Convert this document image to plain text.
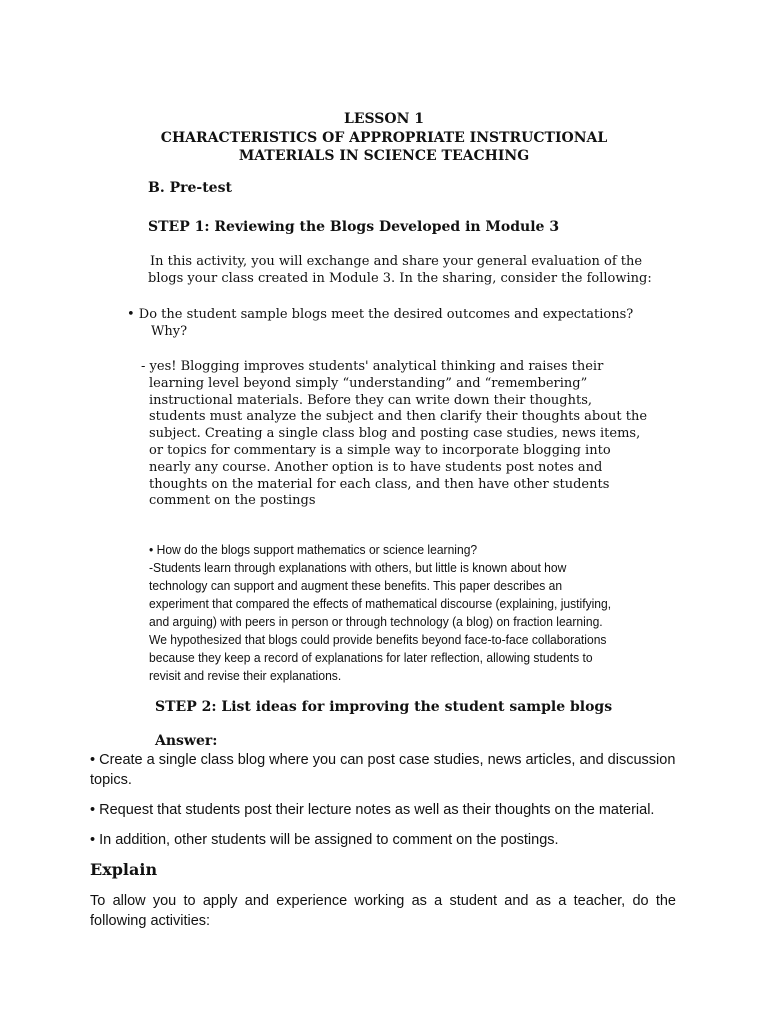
LESSON 1

CHARACTERISTICS OF APPROPRIATE INSTRUCTIONAL

MATERIALS IN SCIENCE TEACHING

B. Pre-test

STEP 1: Reviewing the Blogs Developed in Module 3

In this activity, you will exchange and share your general evaluation of the

blogs your class created in Module 3. In the sharing, consider the following:

• Do the student sample blogs meet the desired outcomes and expectations?

Why?

- yes! Blogging improves students' analytical thinking and raises their

learning level beyond simply “understanding” and “remembering”

instructional materials. Before they can write down their thoughts,

students must analyze the subject and then clarify their thoughts about the

subject. Creating a single class blog and posting case studies, news items,

or topics for commentary is a simple way to incorporate blogging into

nearly any course. Another option is to have students post notes and

thoughts on the material for each class, and then have other students

comment on the postings

• How do the blogs support mathematics or science learning?

-Students learn through explanations with others, but little is known about how

technology can support and augment these benefits. This paper describes an

experiment that compared the effects of mathematical discourse (explaining, justifying,

and arguing) with peers in person or through technology (a blog) on fraction learning.

We hypothesized that blogs could provide benefits beyond face-to-face collaborations

because they keep a record of explanations for later reflection, allowing students to

revisit and revise their explanations.

STEP 2: List ideas for improving the student sample blogs

Answer:

• Create a single class blog where you can post case studies, news articles, and discussion

topics.

• Request that students post their lecture notes as well as their thoughts on the material.

• In addition, other students will be assigned to comment on the postings.

Explain

To allow you to apply and experience working as a student and as a teacher, do the

following activities:
